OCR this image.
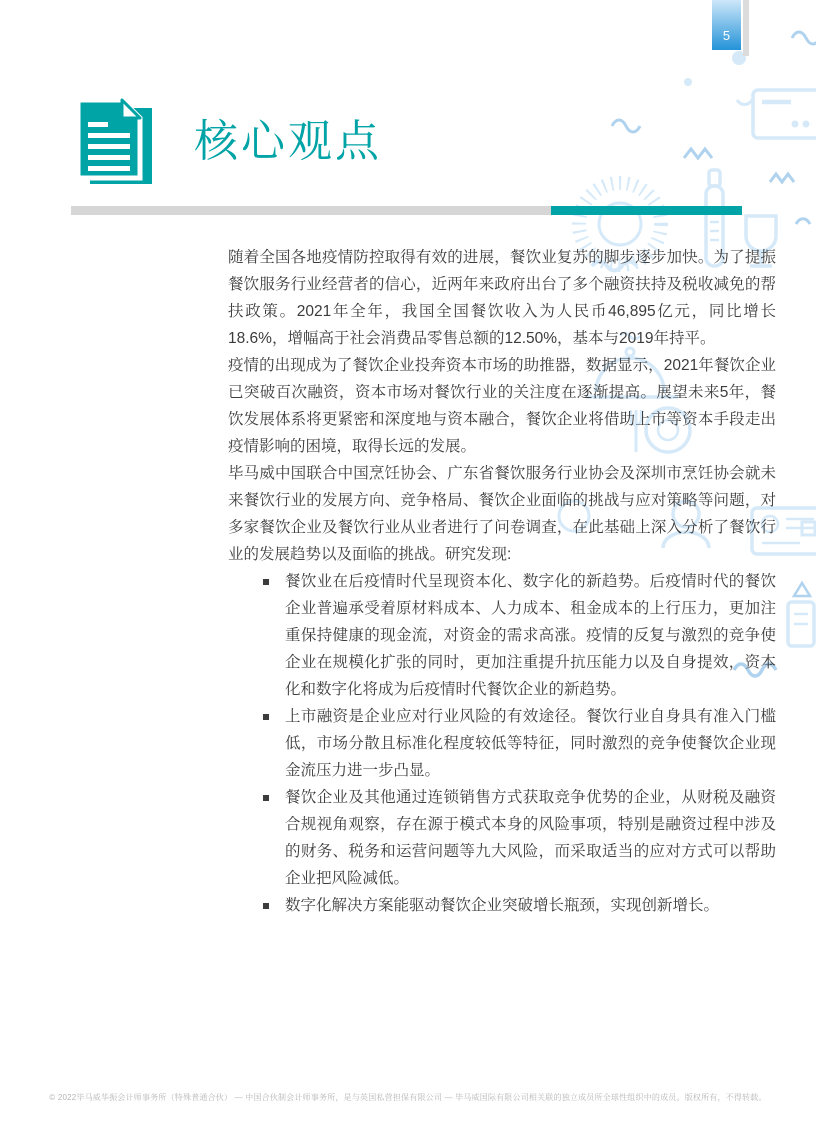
5
核心观点

随着全国各地疫情防控取得有效的进展，餐饮业复苏的脚步逐步加快。为了提振餐饮服务行业经营者的信心，近两年来政府出台了多个融资扶持及税收减免的帮扶政策。2021年全年，我国全国餐饮收入为人民币46,895亿元，同比增长18.6%，增幅高于社会消费品零售总额的12.50%，基本与2019年持平。

疫情的出现成为了餐饮企业投奔资本市场的助推器，数据显示，2021年餐饮企业已突破百次融资，资本市场对餐饮行业的关注度在逐渐提高。展望未来5年，餐饮发展体系将更紧密和深度地与资本融合，餐饮企业将借助上市等资本手段走出疫情影响的困境，取得长远的发展。

毕马威中国联合中国烹饪协会、广东省餐饮服务行业协会及深圳市烹饪协会就未来餐饮行业的发展方向、竞争格局、餐饮企业面临的挑战与应对策略等问题，对多家餐饮企业及餐饮行业从业者进行了问卷调查，在此基础上深入分析了餐饮行业的发展趋势以及面临的挑战。研究发现:

餐饮业在后疫情时代呈现资本化、数字化的新趋势。后疫情时代的餐饮企业普遍承受着原材料成本、人力成本、租金成本的上行压力，更加注重保持健康的现金流，对资金的需求高涨。疫情的反复与激烈的竞争使企业在规模化扩张的同时，更加注重提升抗压能力以及自身提效，资本化和数字化将成为后疫情时代餐饮企业的新趋势。
上市融资是企业应对行业风险的有效途径。餐饮行业自身具有准入门槛低，市场分散且标准化程度较低等特征，同时激烈的竞争使餐饮企业现金流压力进一步凸显。
餐饮企业及其他通过连锁销售方式获取竞争优势的企业，从财税及融资合规视角观察，存在源于模式本身的风险事项，特别是融资过程中涉及的财务、税务和运营问题等九大风险，而采取适当的应对方式可以帮助企业把风险减低。
数字化解决方案能驱动餐饮企业突破增长瓶颈，实现创新增长。
© 2022毕马威华振会计师事务所（特殊普通合伙） — 中国合伙制会计师事务所，是与英国私营担保有限公司 — 毕马威国际有限公司相关联的独立成员所全球性组织中的成员。版权所有，不得转载。
